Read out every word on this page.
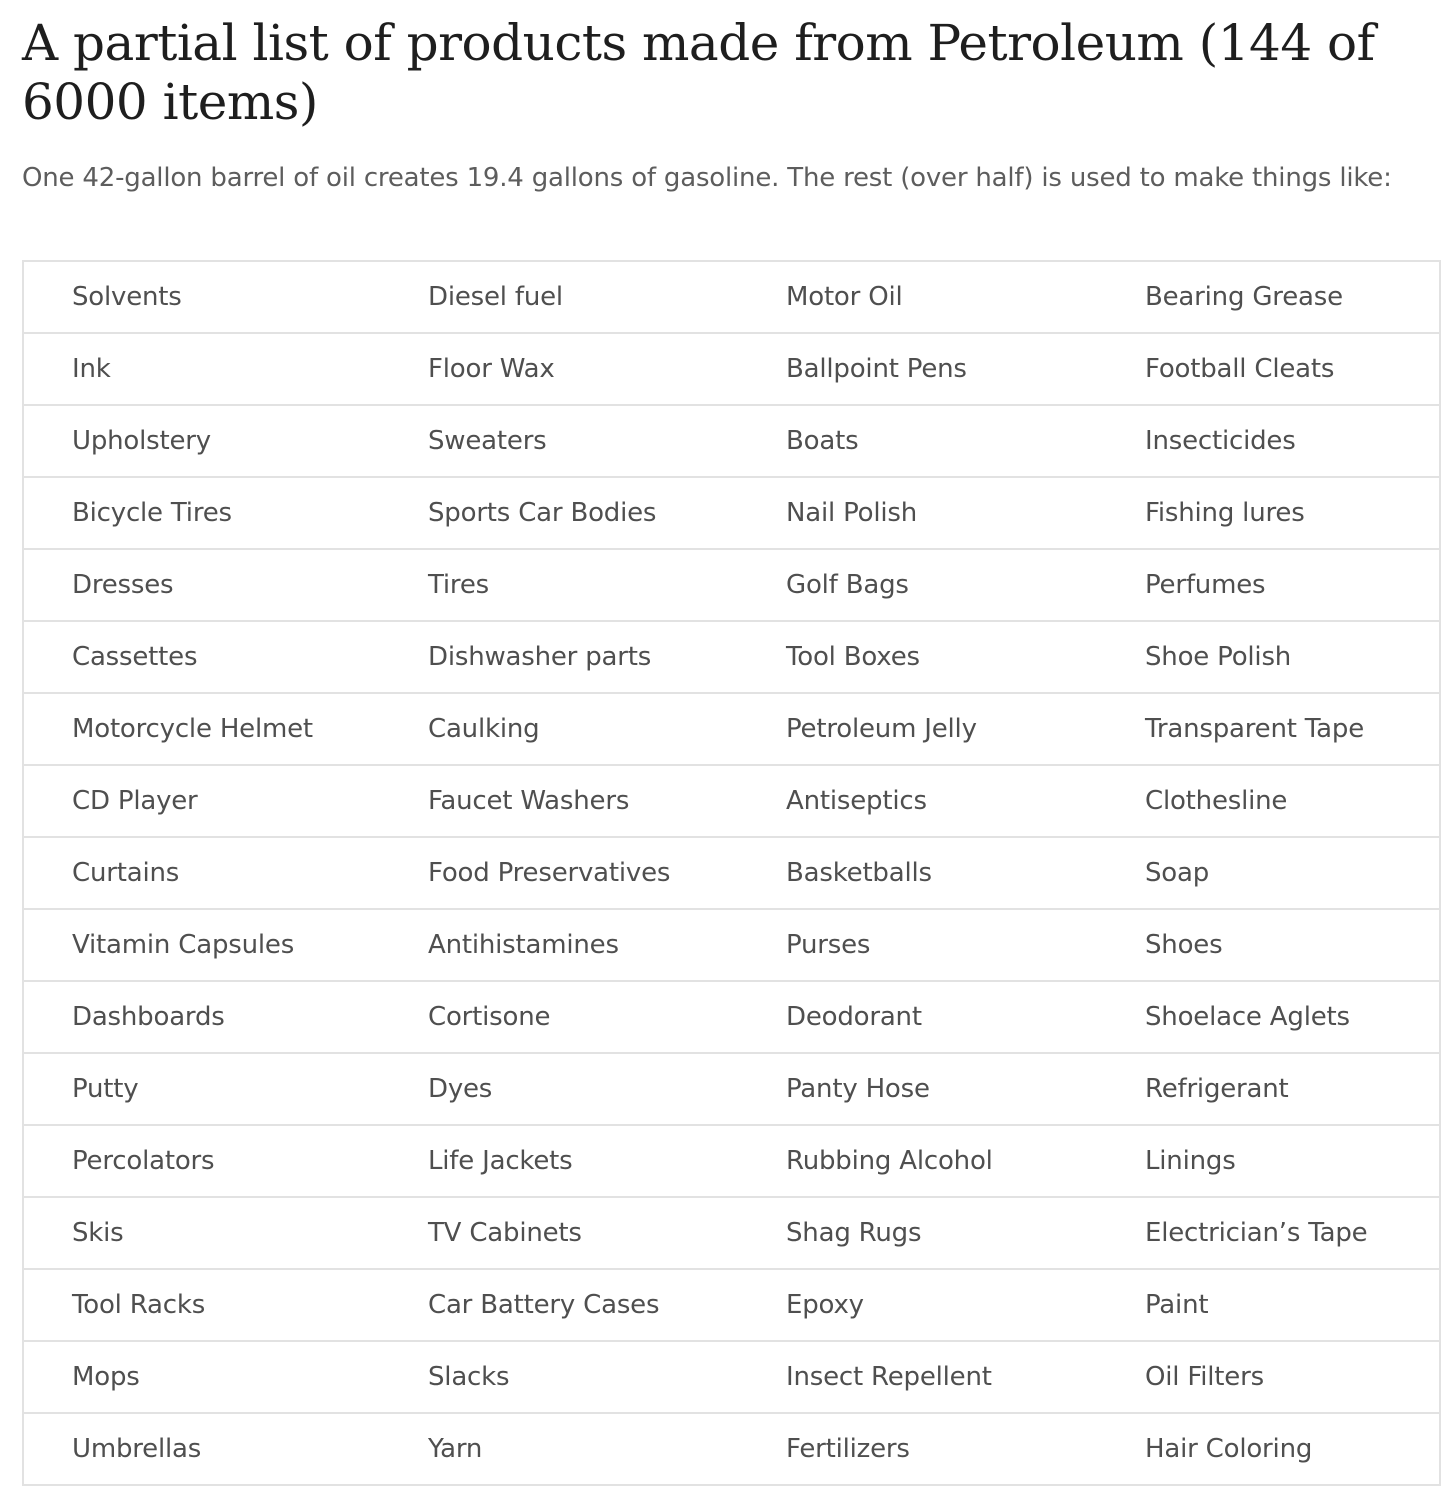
A partial list of products made from Petroleum (144 of 6000 items)

One 42-gallon barrel of oil creates 19.4 gallons of gasoline. The rest (over half) is used to make things like:

Solvents	Diesel fuel	Motor Oil	Bearing Grease
Ink	Floor Wax	Ballpoint Pens	Football Cleats
Upholstery	Sweaters	Boats	Insecticides
Bicycle Tires	Sports Car Bodies	Nail Polish	Fishing lures
Dresses	Tires	Golf Bags	Perfumes
Cassettes	Dishwasher parts	Tool Boxes	Shoe Polish
Motorcycle Helmet	Caulking	Petroleum Jelly	Transparent Tape
CD Player	Faucet Washers	Antiseptics	Clothesline
Curtains	Food Preservatives	Basketballs	Soap
Vitamin Capsules	Antihistamines	Purses	Shoes
Dashboards	Cortisone	Deodorant	Shoelace Aglets
Putty	Dyes	Panty Hose	Refrigerant
Percolators	Life Jackets	Rubbing Alcohol	Linings
Skis	TV Cabinets	Shag Rugs	Electrician’s Tape
Tool Racks	Car Battery Cases	Epoxy	Paint
Mops	Slacks	Insect Repellent	Oil Filters
Umbrellas	Yarn	Fertilizers	Hair Coloring
